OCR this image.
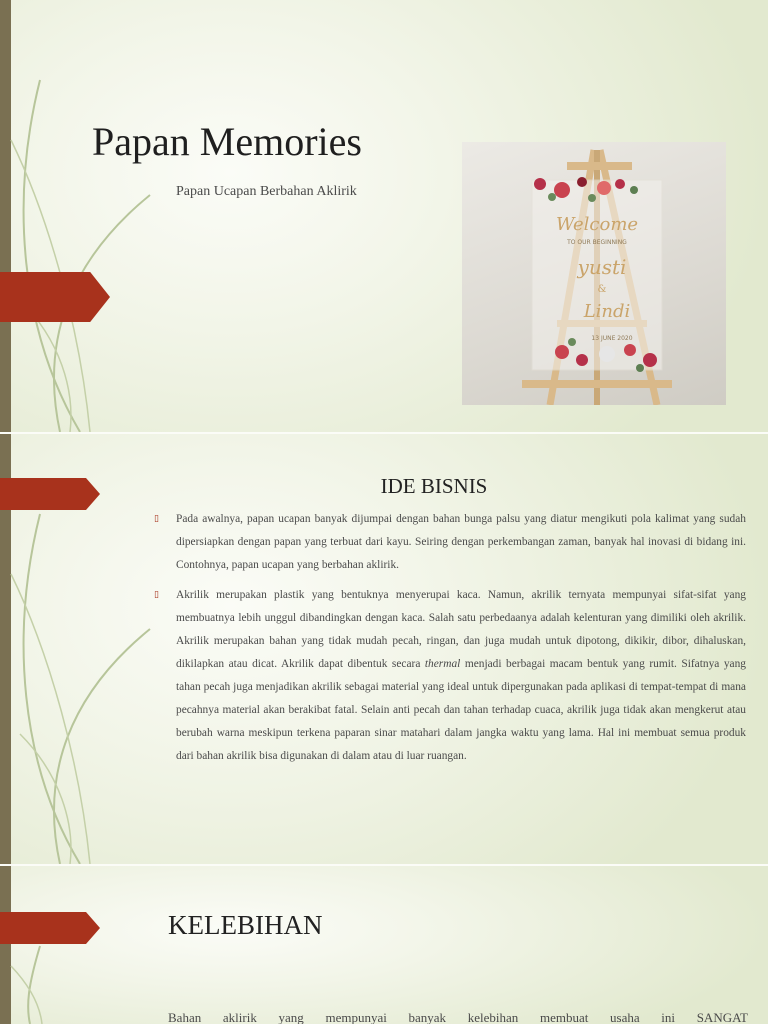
Papan Memories
Papan Ucapan Berbahan Aklirik
Welcome
TO OUR BEGINNING
yusti
&
Lindi
13 JUNE 2020
IDE BISNIS
▯ Pada awalnya, papan ucapan banyak dijumpai dengan bahan bunga palsu yang diatur mengikuti pola kalimat yang sudah dipersiapkan dengan papan yang terbuat dari kayu. Seiring dengan perkembangan zaman, banyak hal inovasi di bidang ini. Contohnya, papan ucapan yang berbahan aklirik.
▯ Akrilik merupakan plastik yang bentuknya menyerupai kaca. Namun, akrilik ternyata mempunyai sifat-sifat yang membuatnya lebih unggul dibandingkan dengan kaca. Salah satu perbedaanya adalah kelenturan yang dimiliki oleh akrilik. Akrilik merupakan bahan yang tidak mudah pecah, ringan, dan juga mudah untuk dipotong, dikikir, dibor, dihaluskan, dikilapkan atau dicat. Akrilik dapat dibentuk secara thermal menjadi berbagai macam bentuk yang rumit. Sifatnya yang tahan pecah juga menjadikan akrilik sebagai material yang ideal untuk dipergunakan pada aplikasi di tempat-tempat di mana pecahnya material akan berakibat fatal. Selain anti pecah dan tahan terhadap cuaca, akrilik juga tidak akan mengkerut atau berubah warna meskipun terkena paparan sinar matahari dalam jangka waktu yang lama. Hal ini membuat semua produk dari bahan akrilik bisa digunakan di dalam atau di luar ruangan.
KELEBIHAN
Bahan aklirik yang mempunyai banyak kelebihan membuat usaha ini SANGAT
